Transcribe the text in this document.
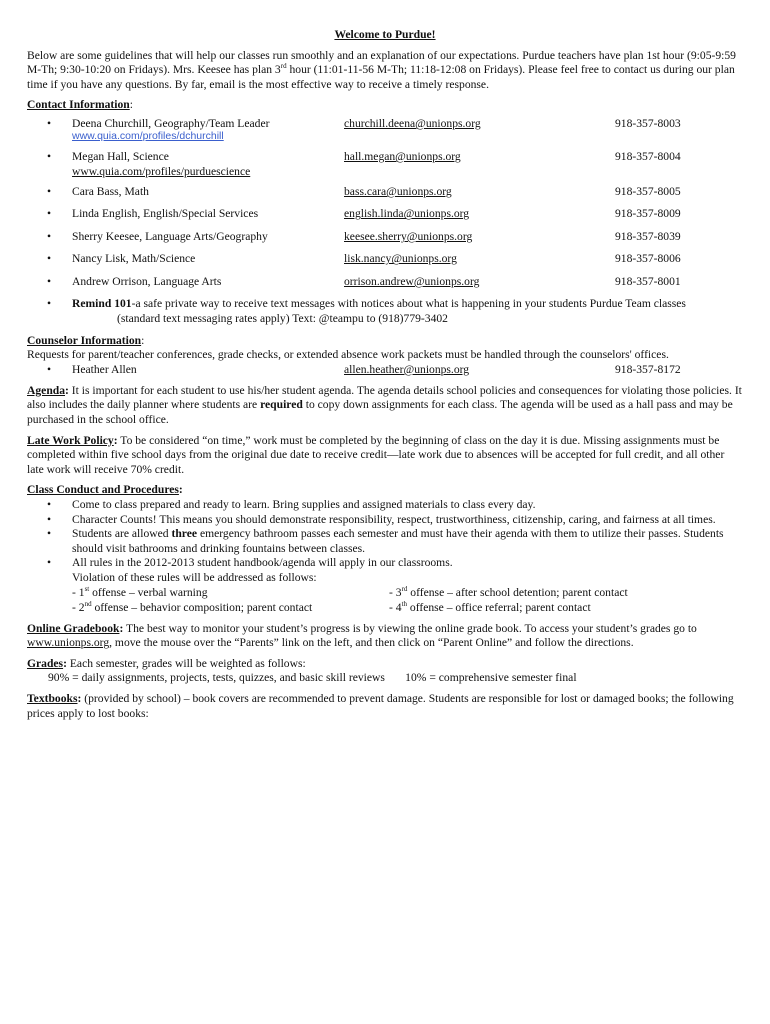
Welcome to Purdue!

Below are some guidelines that will help our classes run smoothly and an explanation of our expectations. Purdue teachers have plan 1st hour (9:05-9:59 M-Th; 9:30-10:20 on Fridays). Mrs. Keesee has plan 3rd hour (11:01-11-56 M-Th; 11:18-12:08 on Fridays). Please feel free to contact us during our plan time if you have any questions. By far, email is the most effective way to receive a timely response.

Contact Information:

• Deena Churchill, Geography/Team Leader	churchill.deena@unionps.org	918-357-8003
www.quia.com/profiles/dchurchill
• Megan Hall, Science	hall.megan@unionps.org	918-357-8004
www.quia.com/profiles/purduescience
• Cara Bass, Math	bass.cara@unionps.org	918-357-8005
• Linda English, English/Special Services	english.linda@unionps.org	918-357-8009
• Sherry Keesee, Language Arts/Geography	keesee.sherry@unionps.org	918-357-8039
• Nancy Lisk, Math/Science	lisk.nancy@unionps.org	918-357-8006
• Andrew Orrison, Language Arts	orrison.andrew@unionps.org	918-357-8001
• Remind 101-a safe private way to receive text messages with notices about what is happening in your students Purdue Team classes
(standard text messaging rates apply) Text: @teampu to (918)779-3402

Counselor Information:

Requests for parent/teacher conferences, grade checks, or extended absence work packets must be handled through the counselors' offices.

• Heather Allen	allen.heather@unionps.org	918-357-8172

Agenda: It is important for each student to use his/her student agenda. The agenda details school policies and consequences for violating those policies. It also includes the daily planner where students are required to copy down assignments for each class. The agenda will be used as a hall pass and may be purchased in the school office.

Late Work Policy: To be considered “on time,” work must be completed by the beginning of class on the day it is due. Missing assignments must be completed within five school days from the original due date to receive credit—late work due to absences will be accepted for full credit, and all other late work will receive 70% credit.

Class Conduct and Procedures:

• Come to class prepared and ready to learn. Bring supplies and assigned materials to class every day.
• Character Counts! This means you should demonstrate responsibility, respect, trustworthiness, citizenship, caring, and fairness at all times.
• Students are allowed three emergency bathroom passes each semester and must have their agenda with them to utilize their passes. Students should visit bathrooms and drinking fountains between classes.
• All rules in the 2012-2013 student handbook/agenda will apply in our classrooms.
Violation of these rules will be addressed as follows:
- 1st offense – verbal warning	- 3rd offense – after school detention; parent contact
- 2nd offense – behavior composition; parent contact	- 4th offense – office referral; parent contact

Online Gradebook: The best way to monitor your student’s progress is by viewing the online grade book. To access your student’s grades go to www.unionps.org, move the mouse over the “Parents” link on the left, and then click on “Parent Online” and follow the directions.

Grades: Each semester, grades will be weighted as follows:

90% = daily assignments, projects, tests, quizzes, and basic skill reviews       10% = comprehensive semester final

Textbooks: (provided by school) – book covers are recommended to prevent damage. Students are responsible for lost or damaged books; the following prices apply to lost books:
